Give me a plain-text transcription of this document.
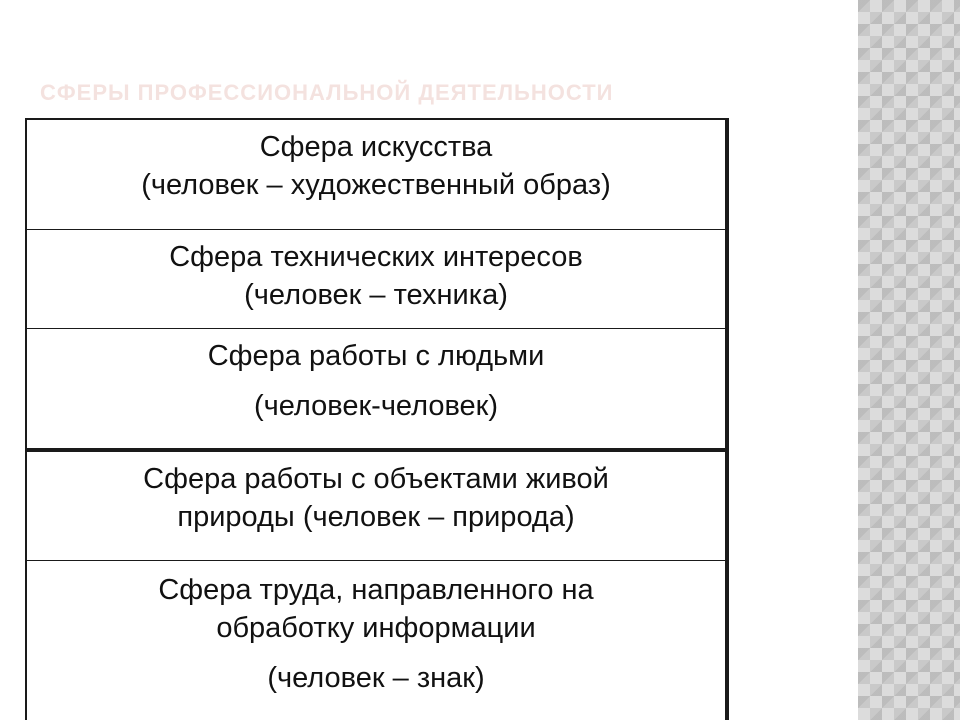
СФЕРЫ ПРОФЕССИОНАЛЬНОЙ ДЕЯТЕЛЬНОСТИ
Сфера искусства
(человек – художественный образ)
Сфера технических интересов
(человек – техника)
Сфера работы с людьми
(человек-человек)
Сфера работы с объектами живой
природы (человек – природа)
Сфера труда, направленного на
обработку информации
(человек – знак)
